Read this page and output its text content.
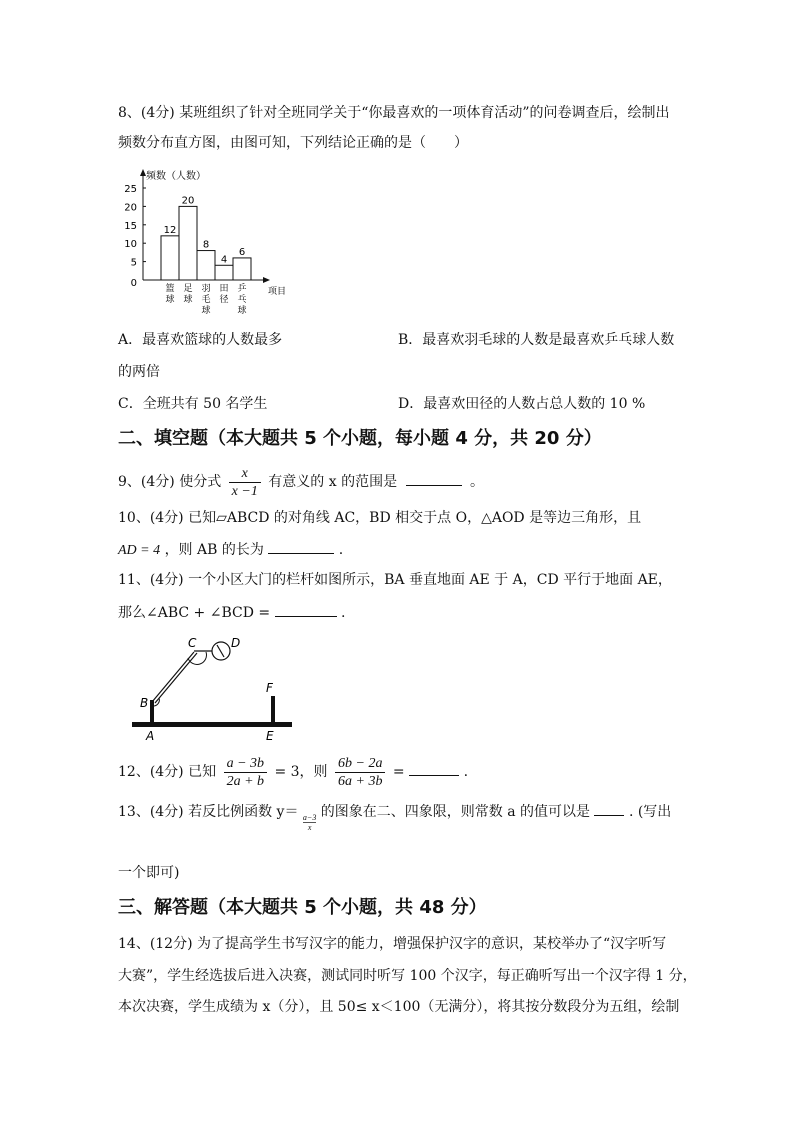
8、(4分) 某班组织了针对全班同学关于“你最喜欢的一项体育活动”的问卷调查后，绘制出
频数分布直方图，由图可知，下列结论正确的是（　　）
频数（人数）
项目
25
20
15
10
5
0
12
20
8
4
6
篮球
足球
羽毛球
田径
乒乓球
A．最喜欢篮球的人数最多	B．最喜欢羽毛球的人数是最喜欢乒乓球人数
的两倍
C．全班共有 50 名学生	D．最喜欢田径的人数占总人数的 10 %
二、填空题（本大题共 5 个小题，每小题 4 分，共 20 分）
9、(4分) 使分式 $\frac{x}{x -1}$ 有意义的 x 的范围是	。
10、(4分) 已知▱ABCD 的对角线 AC，BD 相交于点 O，△AOD 是等边三角形，且
AD = 4 ，则 AB 的长为	.
11、(4分) 一个小区大门的栏杆如图所示，BA 垂直地面 AE 于 A，CD 平行于地面 AE，
那么∠ABC + ∠BCD =	.
B
A
C	D
F
E
12、(4分) 已知 $\frac{a - 3b}{2a + b} = 3$，则 $\frac{6b - 2a}{6a + 3b}$ =	.
13、(4分) 若反比例函数 y＝
$\frac{a-3}{x}$ 的图象在二、四象限，则常数 a 的值可以是	. (写出
一个即可)
三、解答题（本大题共 5 个小题，共 48 分）
14、(12分) 为了提高学生书写汉字的能力，增强保护汉字的意识，某校举办了“汉字听写
大赛”，学生经选拔后进入决赛，测试同时听写 100 个汉字，每正确听写出一个汉字得 1 分，
本次决赛，学生成绩为 x（分），且 50≤ x＜100（无满分），将其按分数段分为五组，绘制
